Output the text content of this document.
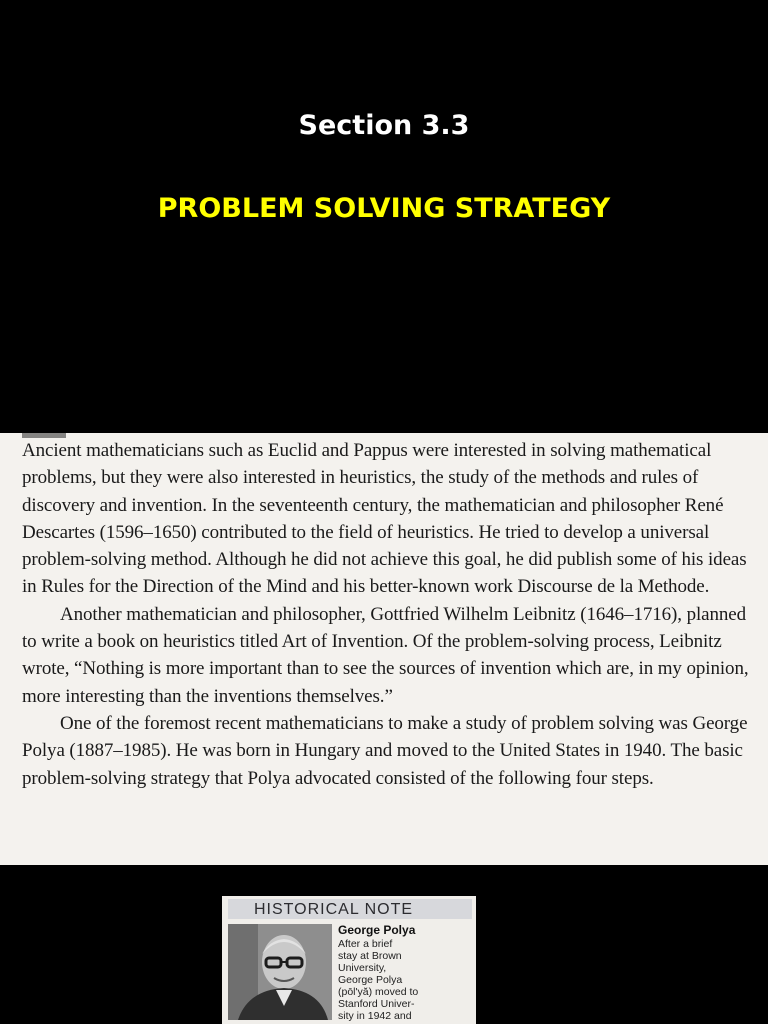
Section 3.3
PROBLEM SOLVING STRATEGY

Ancient mathematicians such as Euclid and Pappus were interested in solving mathematical problems, but they were also interested in heuristics, the study of the methods and rules of discovery and invention. In the seventeenth century, the mathematician and philosopher René Descartes (1596–1650) contributed to the field of heuristics. He tried to develop a universal problem-solving method. Although he did not achieve this goal, he did publish some of his ideas in Rules for the Direction of the Mind and his better-known work Discourse de la Methode.

Another mathematician and philosopher, Gottfried Wilhelm Leibnitz (1646–1716), planned to write a book on heuristics titled Art of Invention. Of the problem-solving process, Leibnitz wrote, “Nothing is more important than to see the sources of invention which are, in my opinion, more interesting than the inventions themselves.”

One of the foremost recent mathematicians to make a study of problem solving was George Polya (1887–1985). He was born in Hungary and moved to the United States in 1940. The basic problem-solving strategy that Polya advocated consisted of the following four steps.

HISTORICAL NOTE
George Polya
After a brief
stay at Brown
University,
George Polya
(pōl'yă) moved to
Stanford Univer-
sity in 1942 and
